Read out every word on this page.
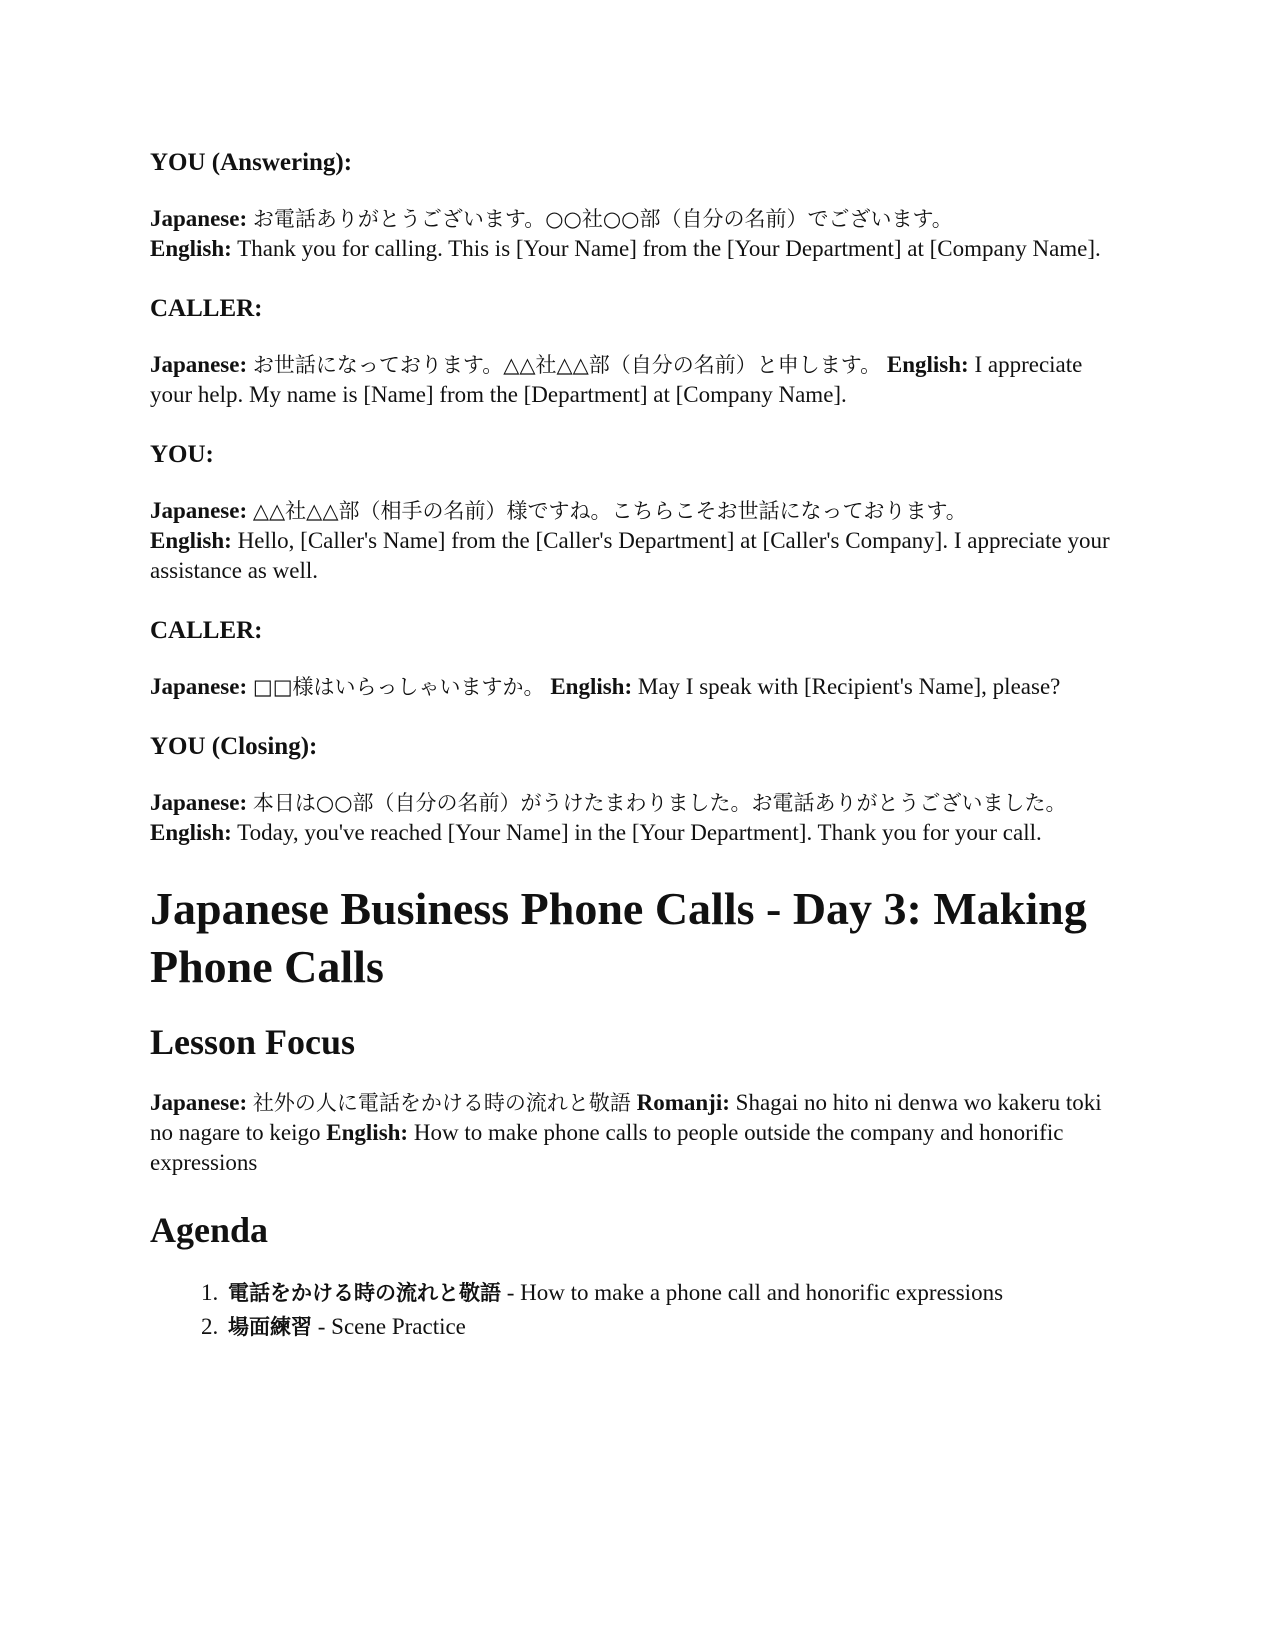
YOU (Answering):
Japanese: お電話ありがとうございます。○○社○○部（自分の名前）でございます。
English: Thank you for calling. This is [Your Name] from the [Your Department] at [Company Name].
CALLER:
Japanese: お世話になっております。△△社△△部（自分の名前）と申します。 English: I appreciate your help. My name is [Name] from the [Department] at [Company Name].
YOU:
Japanese: △△社△△部（相手の名前）様ですね。こちらこそお世話になっております。
English: Hello, [Caller's Name] from the [Caller's Department] at [Caller's Company]. I appreciate your assistance as well.
CALLER:
Japanese: □□様はいらっしゃいますか。 English: May I speak with [Recipient's Name], please?
YOU (Closing):
Japanese: 本日は○○部（自分の名前）がうけたまわりました。お電話ありがとうございました。 English: Today, you've reached [Your Name] in the [Your Department]. Thank you for your call.
Japanese Business Phone Calls - Day 3: Making Phone Calls
Lesson Focus
Japanese: 社外の人に電話をかける時の流れと敬語 Romanji: Shagai no hito ni denwa wo kakeru toki no nagare to keigo English: How to make phone calls to people outside the company and honorific expressions
Agenda
1. 電話をかける時の流れと敬語 - How to make a phone call and honorific expressions
2. 場面練習 - Scene Practice
